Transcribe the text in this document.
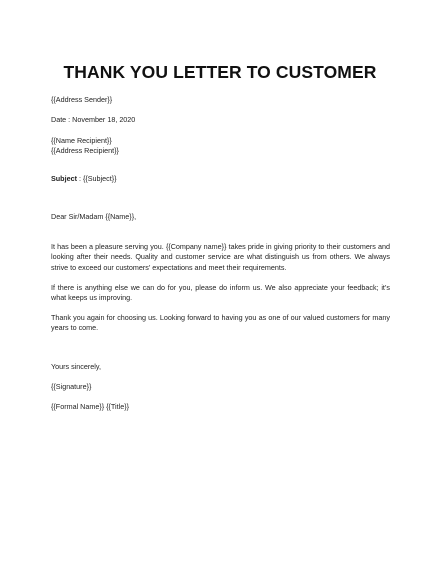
THANK YOU LETTER TO CUSTOMER
{{Address Sender}}
Date : November 18, 2020
{{Name Recipient}}
{{Address Recipient}}
Subject : {{Subject}}
Dear Sir/Madam {{Name}},
It has been a pleasure serving you. {{Company name}} takes pride in giving priority to their customers and looking after their needs. Quality and customer service are what distinguish us from others. We always strive to exceed our customers’ expectations and meet their requirements.
If there is anything else we can do for you, please do inform us. We also appreciate your feedback; it’s what keeps us improving.
Thank you again for choosing us. Looking forward to having you as one of our valued customers for many years to come.
Yours sincerely,
{{Signature}}
{{Formal Name}} {{Title}}
